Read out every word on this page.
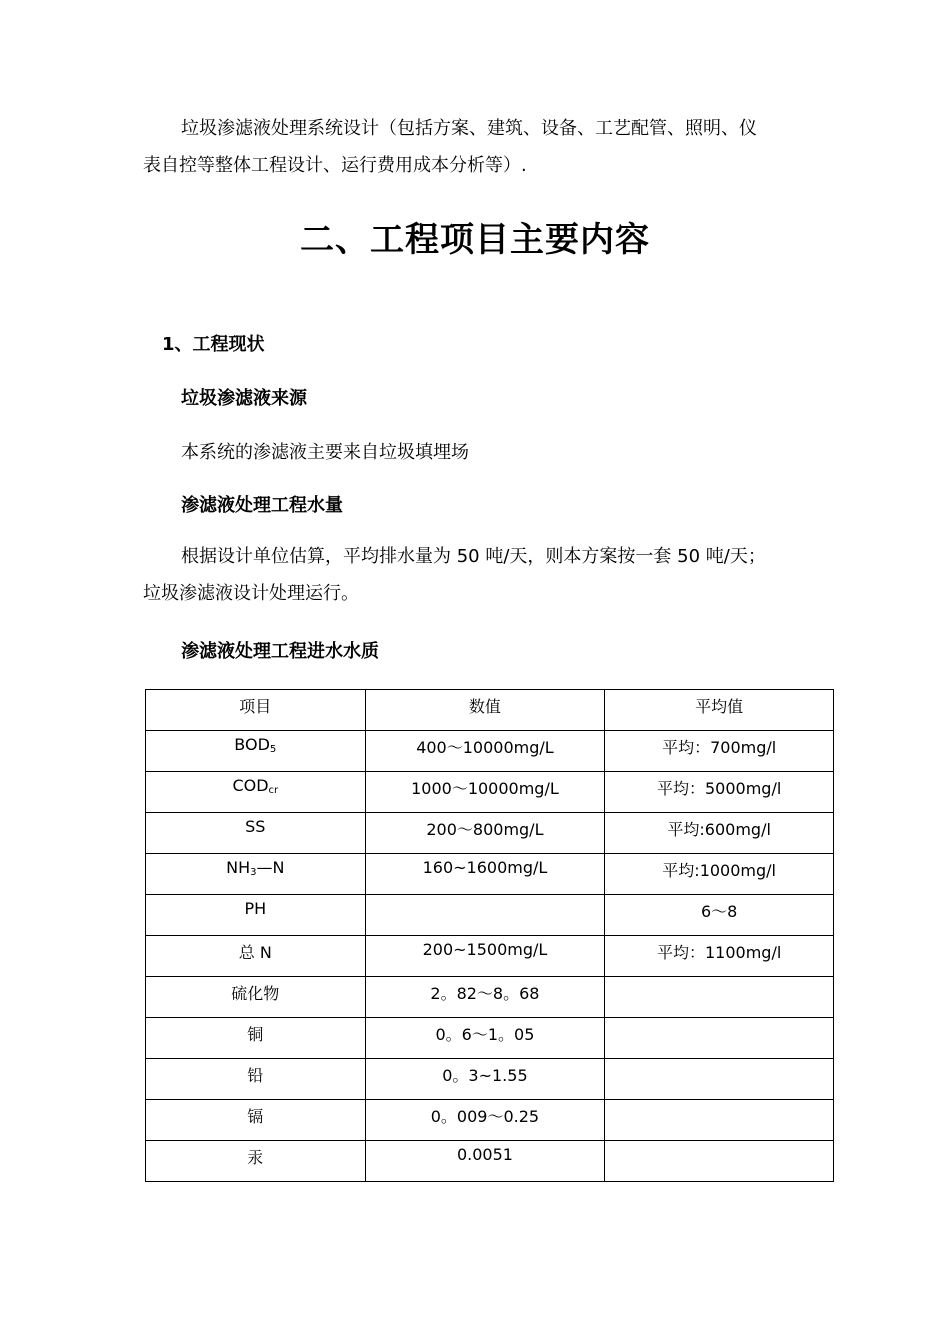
垃圾渗滤液处理系统设计（包括方案、建筑、设备、工艺配管、照明、仪
表自控等整体工程设计、运行费用成本分析等）.
二、工程项目主要内容
1、工程现状
垃圾渗滤液来源
本系统的渗滤液主要来自垃圾填埋场
渗滤液处理工程水量
根据设计单位估算，平均排水量为 50 吨/天，则本方案按一套 50 吨/天；
垃圾渗滤液设计处理运行。
渗滤液处理工程进水水质
项目	数值	平均值
$BOD_5$	400～10000mg/L	平均：700mg/l
$COD_{cr}$	1000～10000mg/L	平均：5000mg/l
SS	200～800mg/L	平均:600mg/l
$NH_3—N$	160~1600mg/L	平均:1000mg/l
PH		6～8
总 N	200~1500mg/L	平均：1100mg/l
硫化物	2。82～8。68	
铜	0。6～1。05	
铅	0。3~1.55	
镉	0。009～0.25	
汞	0.0051	
